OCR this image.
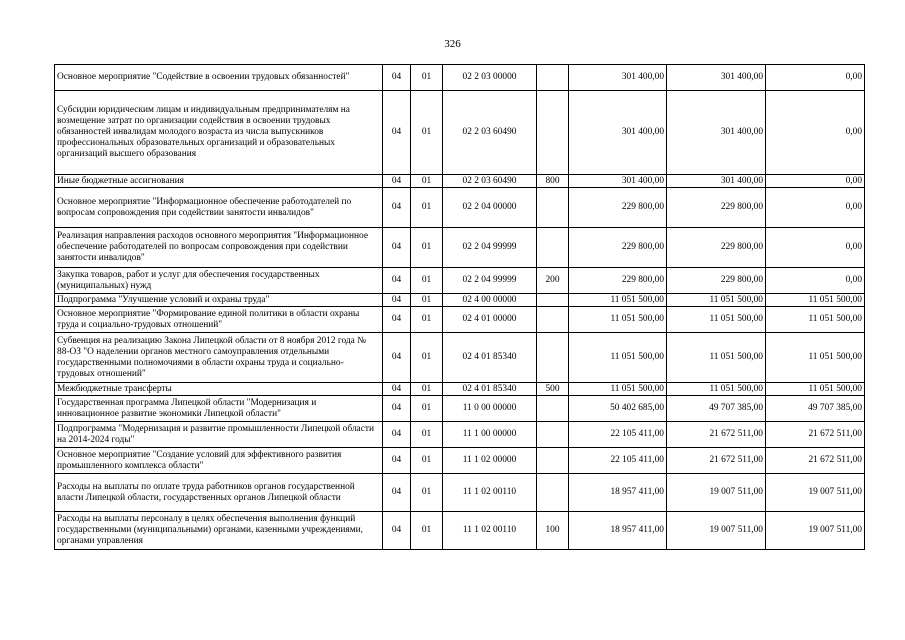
326
Основное мероприятие "Содействие в освоении трудовых обязанностей"	04	01	02 2 03 00000		301 400,00	301 400,00	0,00
Субсидии юридическим лицам и индивидуальным предпринимателям на возмещение затрат по организации содействия в освоении трудовых обязанностей инвалидам молодого возраста из числа выпускников профессиональных образовательных организаций и образовательных организаций высшего образования	04	01	02 2 03 60490		301 400,00	301 400,00	0,00
Иные бюджетные ассигнования	04	01	02 2 03 60490	800	301 400,00	301 400,00	0,00
Основное мероприятие "Информационное обеспечение работодателей по вопросам сопровождения при содействии занятости инвалидов"	04	01	02 2 04 00000		229 800,00	229 800,00	0,00
Реализация направления расходов основного мероприятия "Информационное обеспечение работодателей по вопросам сопровождения при содействии занятости инвалидов"	04	01	02 2 04 99999		229 800,00	229 800,00	0,00
Закупка товаров, работ и услуг для обеспечения государственных (муниципальных) нужд	04	01	02 2 04 99999	200	229 800,00	229 800,00	0,00
Подпрограмма "Улучшение условий и охраны труда"	04	01	02 4 00 00000		11 051 500,00	11 051 500,00	11 051 500,00
Основное мероприятие "Формирование единой политики в области охраны труда и социально-трудовых отношений"	04	01	02 4 01 00000		11 051 500,00	11 051 500,00	11 051 500,00
Субвенция на реализацию Закона Липецкой области от 8 ноября 2012 года № 88-ОЗ "О наделении органов местного самоуправления отдельными государственными полномочиями в области охраны труда и социально-трудовых отношений"	04	01	02 4 01 85340		11 051 500,00	11 051 500,00	11 051 500,00
Межбюджетные трансферты	04	01	02 4 01 85340	500	11 051 500,00	11 051 500,00	11 051 500,00
Государственная программа Липецкой области "Модернизация и инновационное развитие экономики Липецкой области"	04	01	11 0 00 00000		50 402 685,00	49 707 385,00	49 707 385,00
Подпрограмма "Модернизация и развитие промышленности Липецкой области на 2014-2024 годы"	04	01	11 1 00 00000		22 105 411,00	21 672 511,00	21 672 511,00
Основное мероприятие "Создание условий для эффективного развития промышленного комплекса области"	04	01	11 1 02 00000		22 105 411,00	21 672 511,00	21 672 511,00
Расходы на выплаты по оплате труда работников органов государственной власти Липецкой области, государственных органов Липецкой области	04	01	11 1 02 00110		18 957 411,00	19 007 511,00	19 007 511,00
Расходы на выплаты персоналу в целях обеспечения выполнения функций государственными (муниципальными) органами, казенными учреждениями, органами управления	04	01	11 1 02 00110	100	18 957 411,00	19 007 511,00	19 007 511,00
